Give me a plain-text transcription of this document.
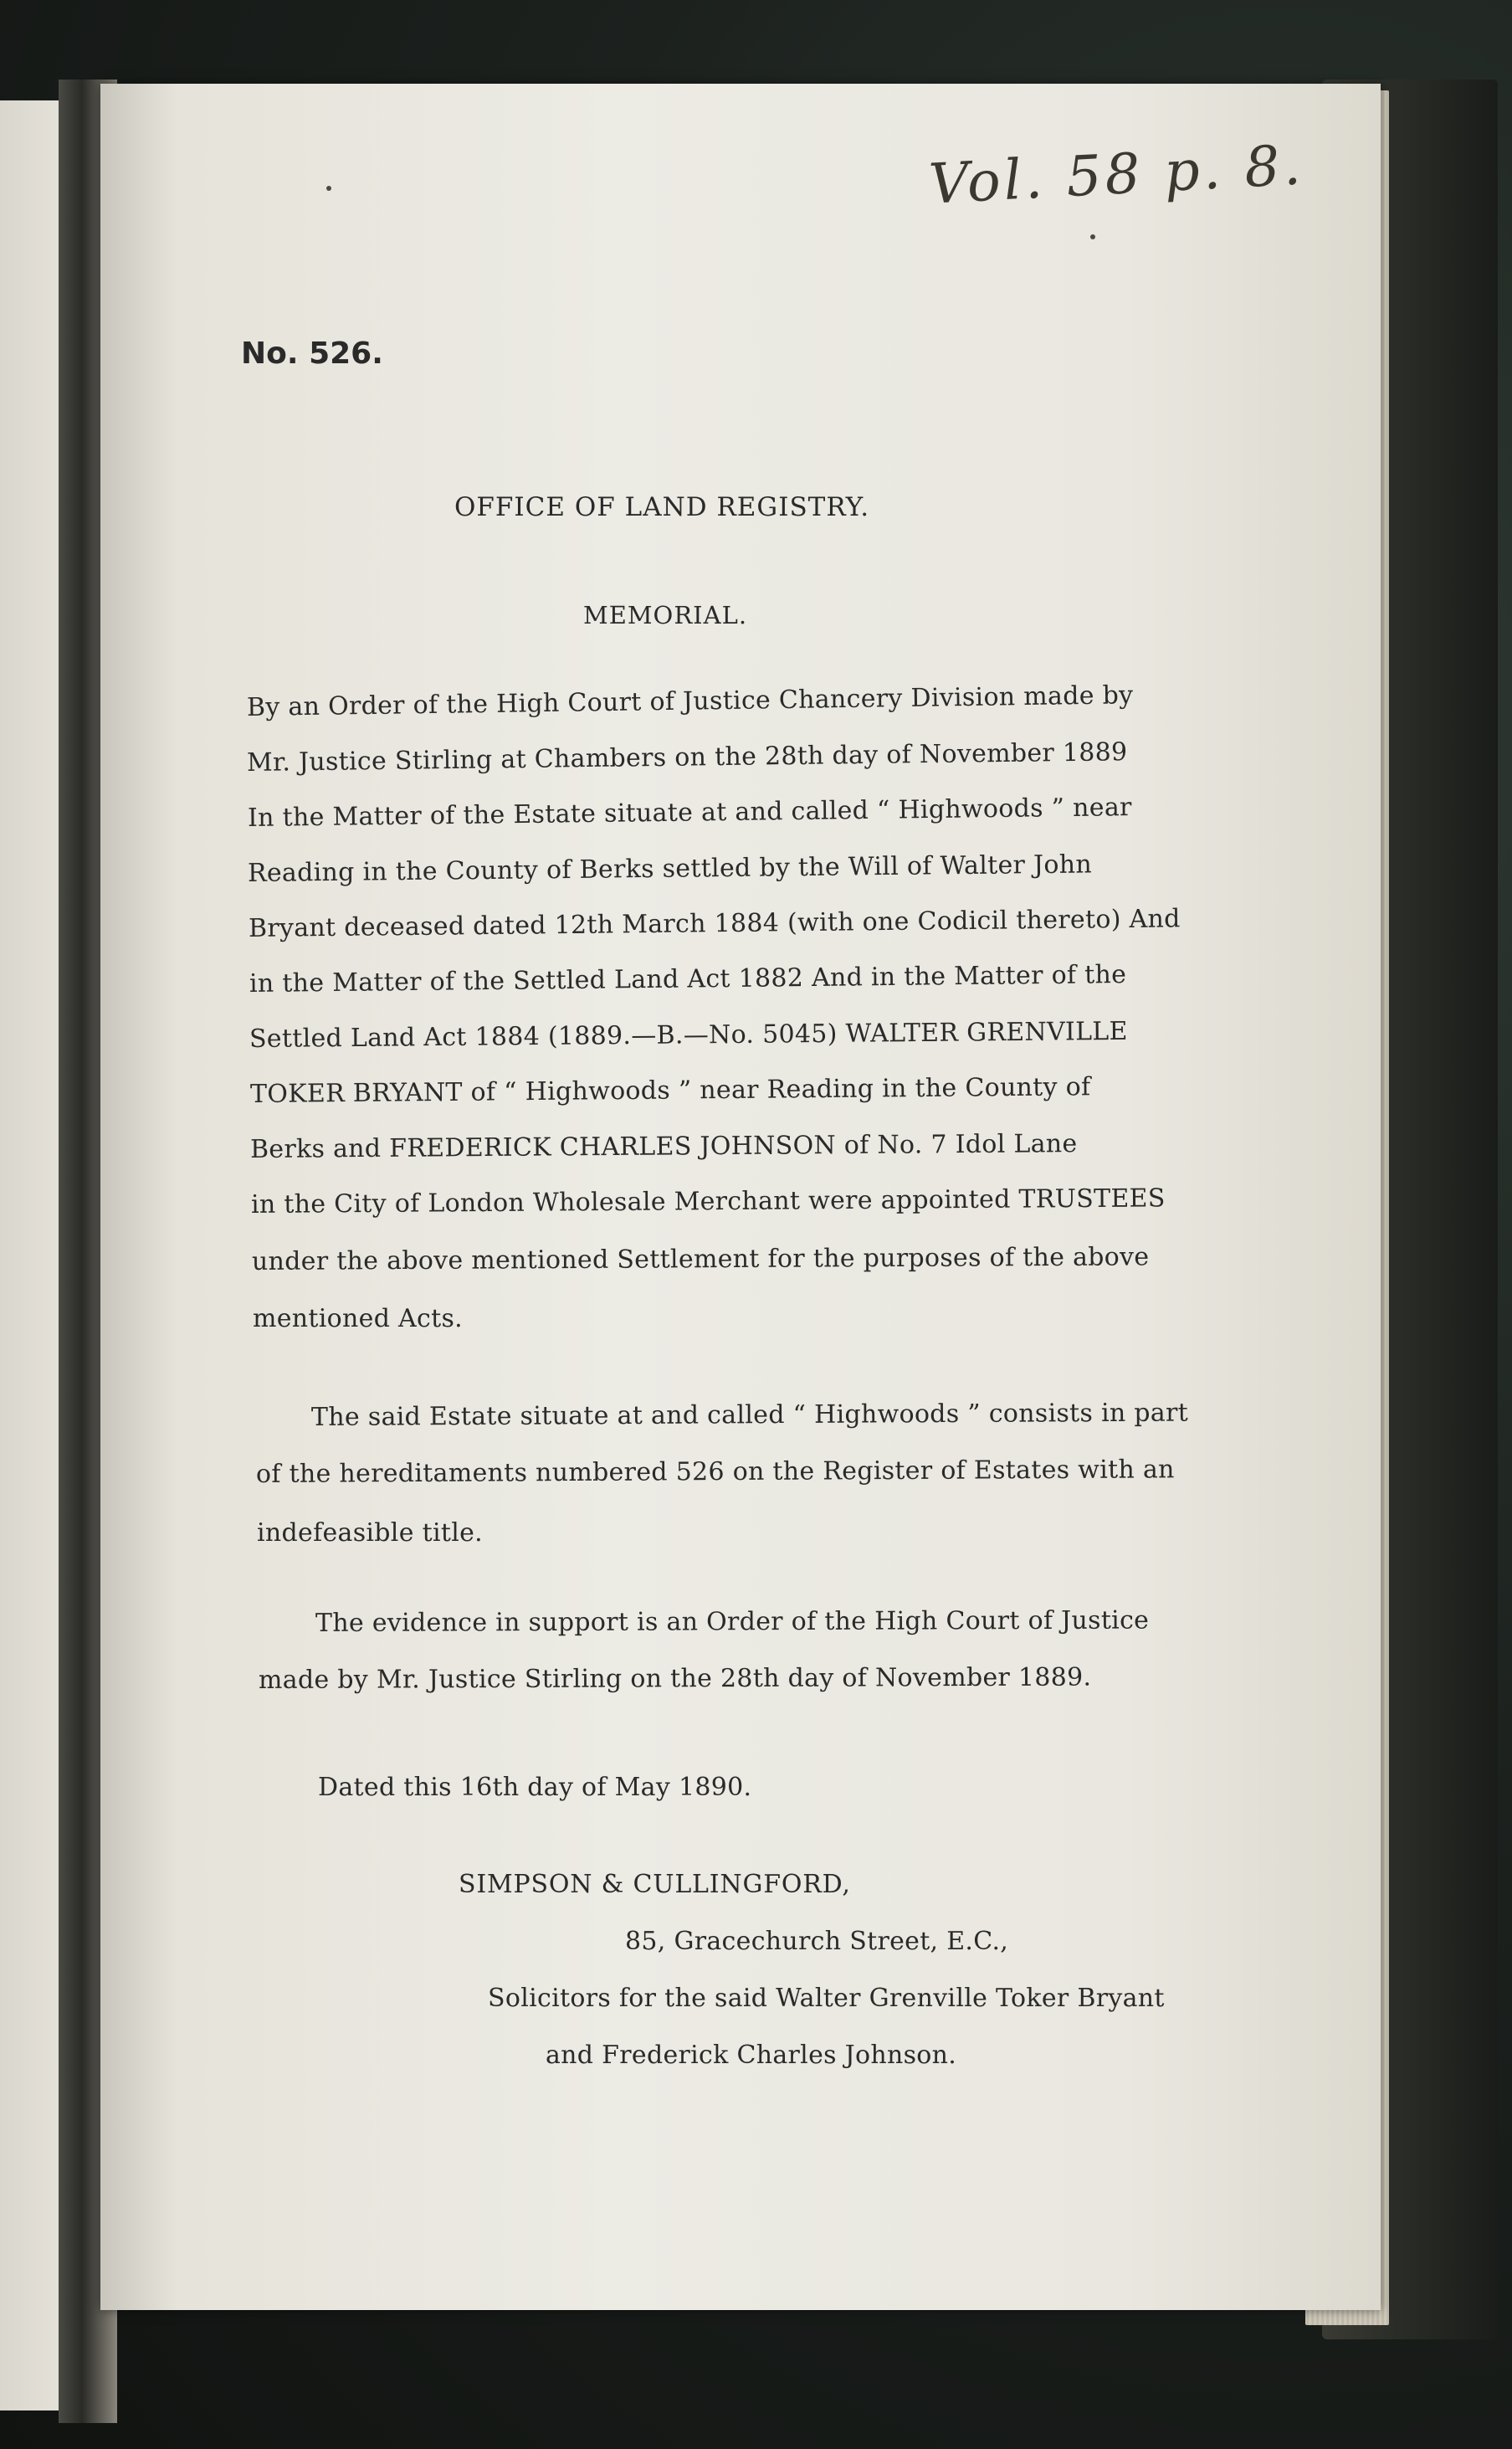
Vol. 58 p. 8.
No. 526.
OFFICE OF LAND REGISTRY.
MEMORIAL.
By an Order of the High Court of Justice Chancery Division made by
Mr. Justice Stirling at Chambers on the 28th day of November 1889
In the Matter of the Estate situate at and called “ Highwoods ” near
Reading in the County of Berks settled by the Will of Walter John
Bryant deceased dated 12th March 1884 (with one Codicil thereto) And
in the Matter of the Settled Land Act 1882 And in the Matter of the
Settled Land Act 1884 (1889.—B.—No. 5045) WALTER GRENVILLE
TOKER BRYANT of “ Highwoods ” near Reading in the County of
Berks and FREDERICK CHARLES JOHNSON of No. 7 Idol Lane
in the City of London Wholesale Merchant were appointed TRUSTEES
under the above mentioned Settlement for the purposes of the above
mentioned Acts.
The said Estate situate at and called “ Highwoods ” consists in part
of the hereditaments numbered 526 on the Register of Estates with an
indefeasible title.
The evidence in support is an Order of the High Court of Justice
made by Mr. Justice Stirling on the 28th day of November 1889.
Dated this 16th day of May 1890.
SIMPSON & CULLINGFORD,
85, Gracechurch Street, E.C.,
Solicitors for the said Walter Grenville Toker Bryant
and Frederick Charles Johnson.
